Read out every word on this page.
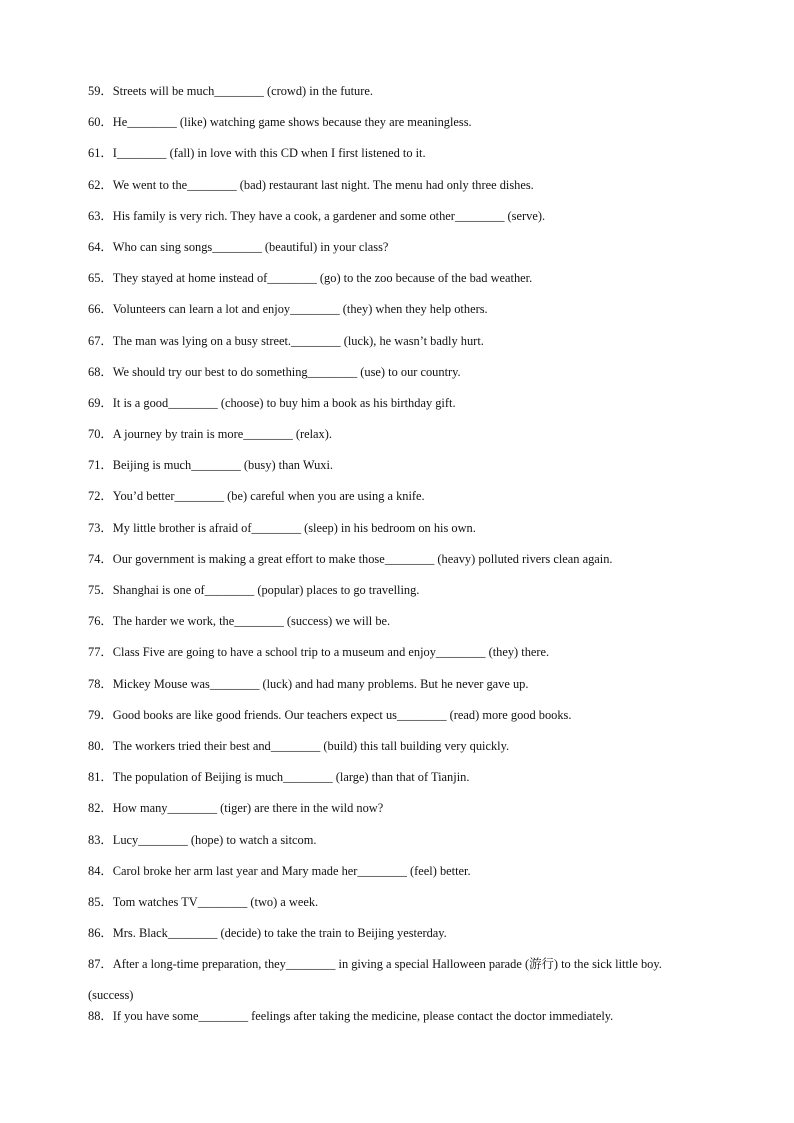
59．Streets will be much________ (crowd) in the future.
60．He________ (like) watching game shows because they are meaningless.
61．I________ (fall) in love with this CD when I first listened to it.
62．We went to the________ (bad) restaurant last night. The menu had only three dishes.
63．His family is very rich. They have a cook, a gardener and some other________ (serve).
64．Who can sing songs________ (beautiful) in your class?
65．They stayed at home instead of________ (go) to the zoo because of the bad weather.
66．Volunteers can learn a lot and enjoy________ (they) when they help others.
67．The man was lying on a busy street.________ (luck), he wasn’t badly hurt.
68．We should try our best to do something________ (use) to our country.
69．It is a good________ (choose) to buy him a book as his birthday gift.
70．A journey by train is more________ (relax).
71．Beijing is much________ (busy) than Wuxi.
72．You’d better________ (be) careful when you are using a knife.
73．My little brother is afraid of________ (sleep) in his bedroom on his own.
74．Our government is making a great effort to make those________ (heavy) polluted rivers clean again.
75．Shanghai is one of________ (popular) places to go travelling.
76．The harder we work, the________ (success) we will be.
77．Class Five are going to have a school trip to a museum and enjoy________ (they) there.
78．Mickey Mouse was________ (luck) and had many problems. But he never gave up.
79．Good books are like good friends. Our teachers expect us________ (read) more good books.
80．The workers tried their best and________ (build) this tall building very quickly.
81．The population of Beijing is much________ (large) than that of Tianjin.
82．How many________ (tiger) are there in the wild now?
83．Lucy________ (hope) to watch a sitcom.
84．Carol broke her arm last year and Mary made her________ (feel) better.
85．Tom watches TV________ (two) a week.
86．Mrs. Black________ (decide) to take the train to Beijing yesterday.
87．After a long-time preparation, they________ in giving a special Halloween parade (游行) to the sick little boy. (success)
88．If you have some________ feelings after taking the medicine, please contact the doctor immediately.
